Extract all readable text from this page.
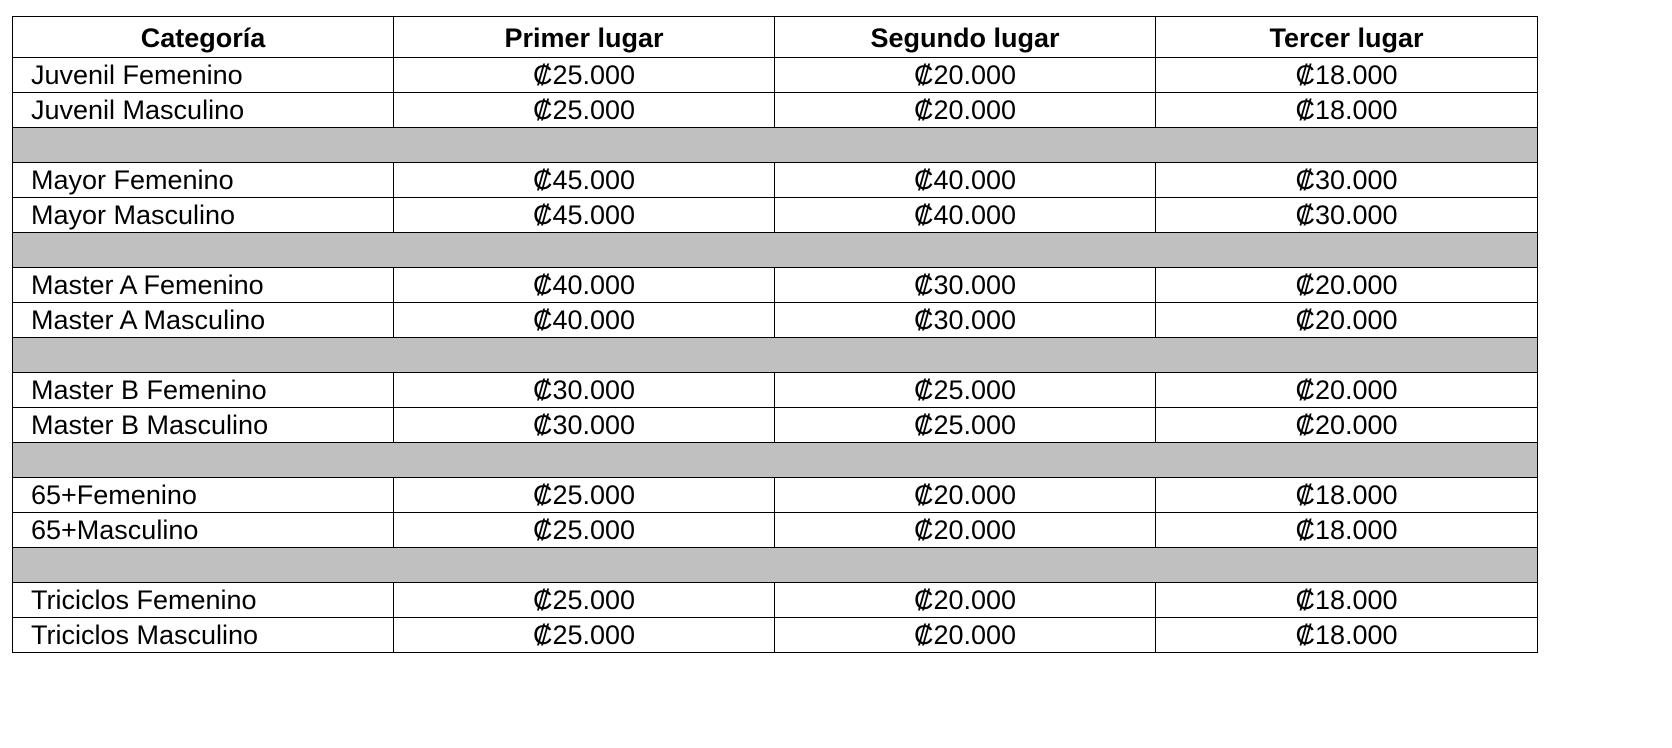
Categoría	Primer lugar	Segundo lugar	Tercer lugar
Juvenil Femenino	₡25.000	₡20.000	₡18.000
Juvenil Masculino	₡25.000	₡20.000	₡18.000

Mayor Femenino	₡45.000	₡40.000	₡30.000
Mayor Masculino	₡45.000	₡40.000	₡30.000

Master A Femenino	₡40.000	₡30.000	₡20.000
Master A Masculino	₡40.000	₡30.000	₡20.000

Master B Femenino	₡30.000	₡25.000	₡20.000
Master B Masculino	₡30.000	₡25.000	₡20.000

65+Femenino	₡25.000	₡20.000	₡18.000
65+Masculino	₡25.000	₡20.000	₡18.000

Triciclos Femenino	₡25.000	₡20.000	₡18.000
Triciclos Masculino	₡25.000	₡20.000	₡18.000
